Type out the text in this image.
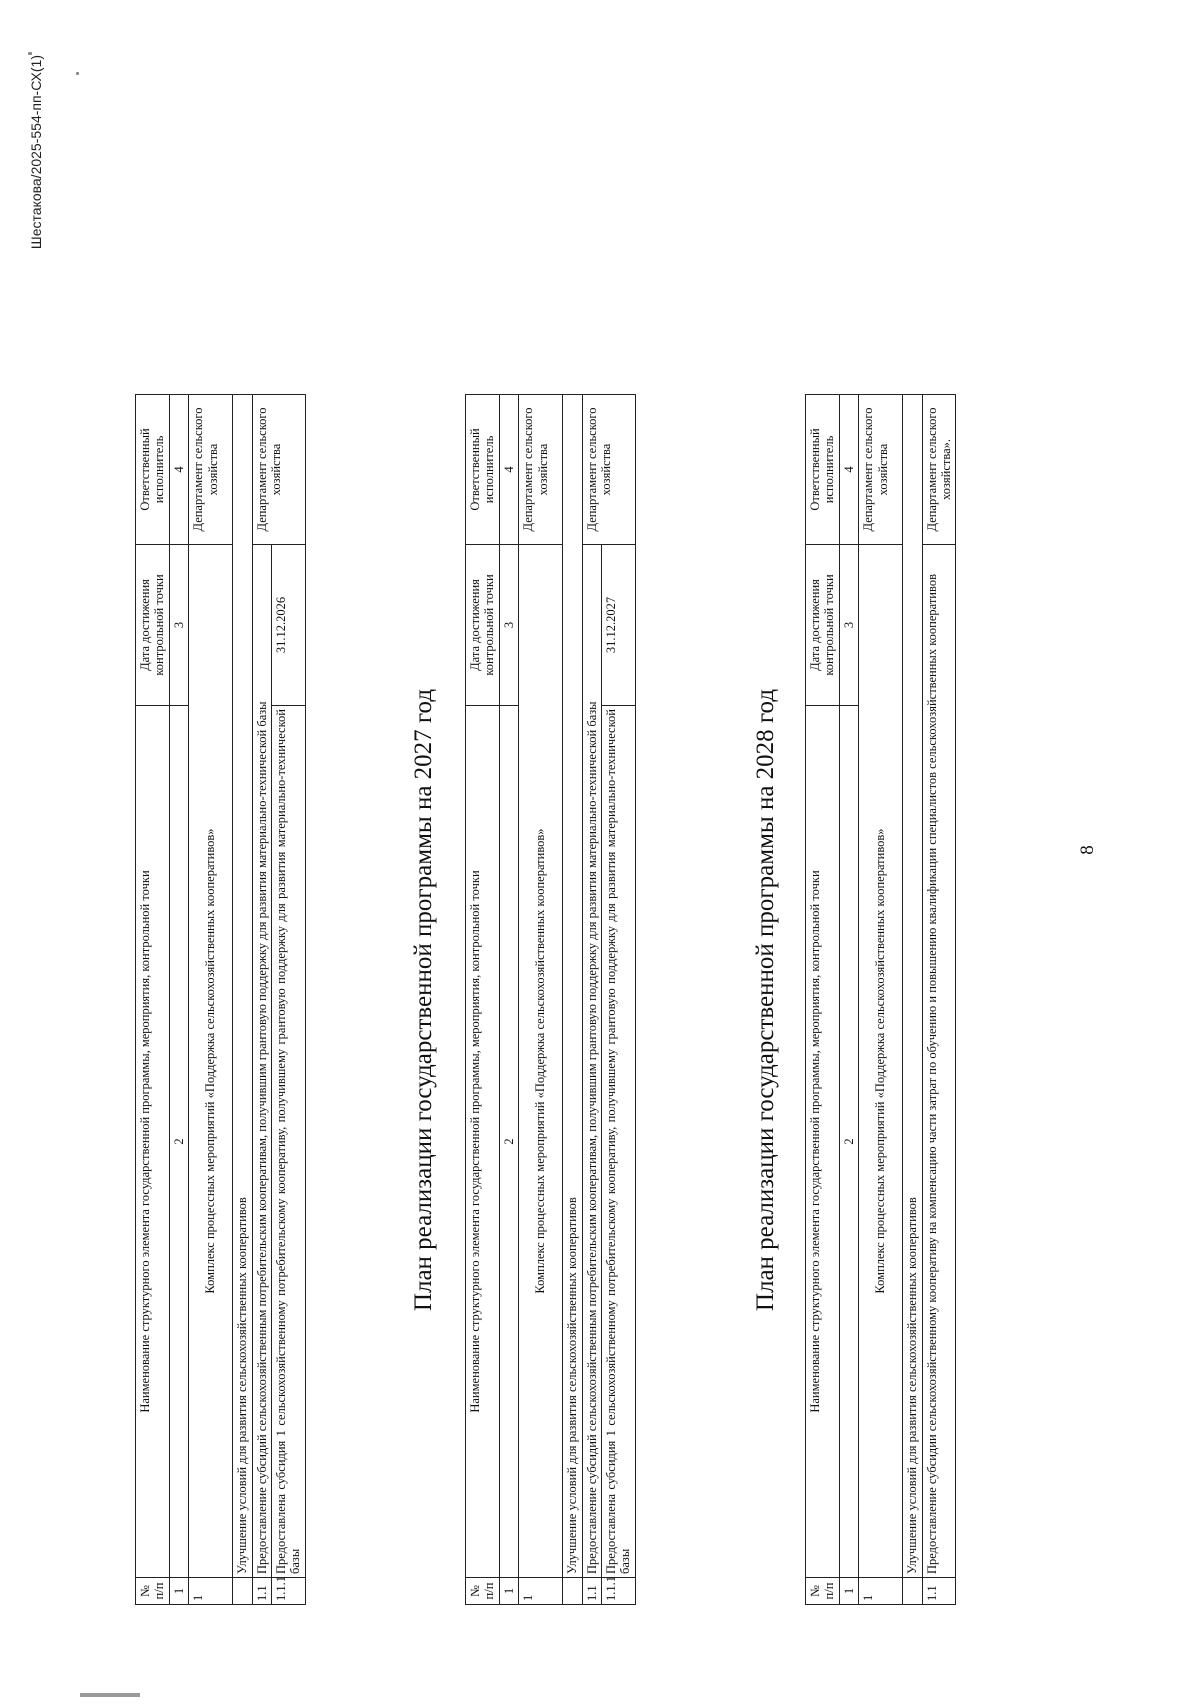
8
Шестакова/2025-554-пп-СХ(1)
№ п/п	Наименование структурного элемента государственной программы, мероприятия, контрольной точки	Дата достижения контрольной точки	Ответственный исполнитель
1	2	3	4
1	Комплекс процессных мероприятий «Поддержка сельскохозяйственных кооперативов»		Департамент сельского хозяйства
	Улучшение условий для развития сельскохозяйственных кооперативов		
1.1	Предоставление субсидий сельскохозяйственным потребительским кооперативам, получившим грантовую поддержку для развития материально-технической базы		Департамент сельского хозяйства
1.1.1	Предоставлена субсидия 1 сельскохозяйственному потребительскому кооперативу, получившему грантовую поддержку для развития материально-технической базы	31.12.2026	
План реализации государственной программы на 2027 год
№ п/п	Наименование структурного элемента государственной программы, мероприятия, контрольной точки	Дата достижения контрольной точки	Ответственный исполнитель
1	2	3	4
1	Комплекс процессных мероприятий «Поддержка сельскохозяйственных кооперативов»		Департамент сельского хозяйства
	Улучшение условий для развития сельскохозяйственных кооперативов		
1.1	Предоставление субсидий сельскохозяйственным потребительским кооперативам, получившим грантовую поддержку для развития материально-технической базы		Департамент сельского хозяйства
1.1.1	Предоставлена субсидия 1 сельскохозяйственному потребительскому кооперативу, получившему грантовую поддержку для развития материально-технической базы	31.12.2027	
План реализации государственной программы на 2028 год
№ п/п	Наименование структурного элемента государственной программы, мероприятия, контрольной точки	Дата достижения контрольной точки	Ответственный исполнитель
1	2	3	4
1	Комплекс процессных мероприятий «Поддержка сельскохозяйственных кооперативов»		Департамент сельского хозяйства
	Улучшение условий для развития сельскохозяйственных кооперативов		
1.1	Предоставление субсидии сельскохозяйственному кооперативу на компенсацию части затрат по обучению и повышению квалификации специалистов сельскохозяйственных кооперативов		Департамент сельского хозяйства».
